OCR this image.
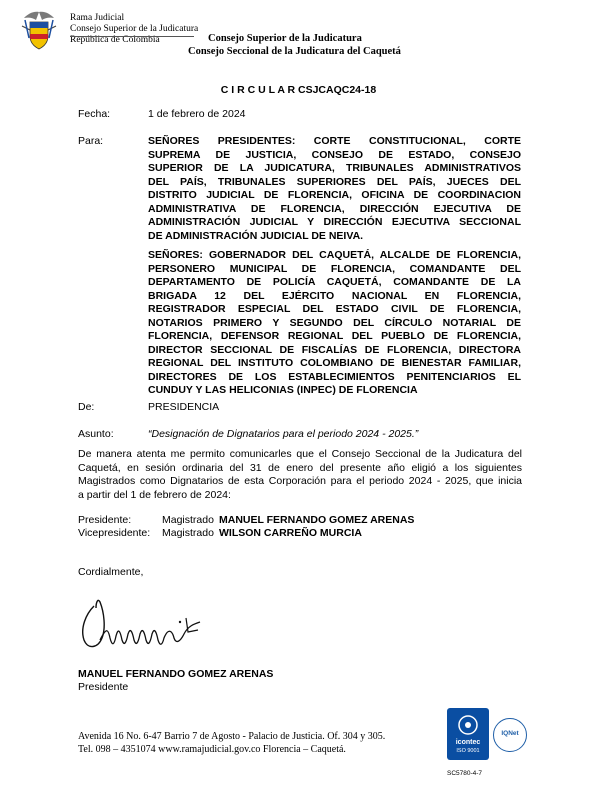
Rama Judicial
Consejo Superior de la Judicatura
República de Colombia	Consejo Superior de la Judicatura
Consejo Seccional de la Judicatura del Caquetá
C I R C U L A R CSJCAQC24-18
Fecha:	1 de febrero de 2024
Para:	SEÑORES PRESIDENTES: CORTE CONSTITUCIONAL, CORTE
SUPREMA DE JUSTICIA, CONSEJO DE ESTADO, CONSEJO
SUPERIOR DE LA JUDICATURA, TRIBUNALES ADMINISTRATIVOS
DEL PAÍS, TRIBUNALES SUPERIORES DEL PAÍS, JUECES DEL
DISTRITO JUDICIAL DE FLORENCIA, OFICINA DE COORDINACION
ADMINISTRATIVA DE FLORENCIA, DIRECCIÓN EJECUTIVA DE
ADMINISTRACIÓN JUDICIAL Y DIRECCIÓN EJECUTIVA SECCIONAL
DE ADMINISTRACIÓN JUDICIAL DE NEIVA.
SEÑORES: GOBERNADOR DEL CAQUETÁ, ALCALDE DE FLORENCIA,
PERSONERO MUNICIPAL DE FLORENCIA, COMANDANTE DEL
DEPARTAMENTO DE POLICÍA CAQUETÁ, COMANDANTE DE LA
BRIGADA 12 DEL EJÉRCITO NACIONAL EN FLORENCIA,
REGISTRADOR ESPECIAL DEL ESTADO CIVIL DE FLORENCIA,
NOTARIOS PRIMERO Y SEGUNDO DEL CÍRCULO NOTARIAL DE
FLORENCIA, DEFENSOR REGIONAL DEL PUEBLO DE FLORENCIA,
DIRECTOR SECCIONAL DE FISCALÍAS DE FLORENCIA, DIRECTORA
REGIONAL DEL INSTITUTO COLOMBIANO DE BIENESTAR FAMILIAR,
DIRECTORES DE LOS ESTABLECIMIENTOS PENITENCIARIOS EL
CUNDUY Y LAS HELICONIAS (INPEC) DE FLORENCIA
De:	PRESIDENCIA
Asunto:	“Designación de Dignatarios para el periodo 2024 - 2025.”
De manera atenta me permito comunicarles que el Consejo Seccional de la Judicatura del
Caquetá, en sesión ordinaria del 31 de enero del presente año eligió a los siguientes
Magistrados como Dignatarios de esta Corporación para el periodo 2024 - 2025, que inicia
a partir del 1 de febrero de 2024:
Presidente:	Magistrado MANUEL FERNANDO GOMEZ ARENAS
Vicepresidente: Magistrado WILSON CARREÑO MURCIA
Cordialmente,
MANUEL FERNANDO GOMEZ ARENAS
Presidente
Avenida 16 No. 6-47 Barrio 7 de Agosto - Palacio de Justicia. Of. 304 y 305.
Tel. 098 – 4351074 www.ramajudicial.gov.co Florencia – Caquetá.
icontec
ISO 9001
IQNet
SC5780-4-7
